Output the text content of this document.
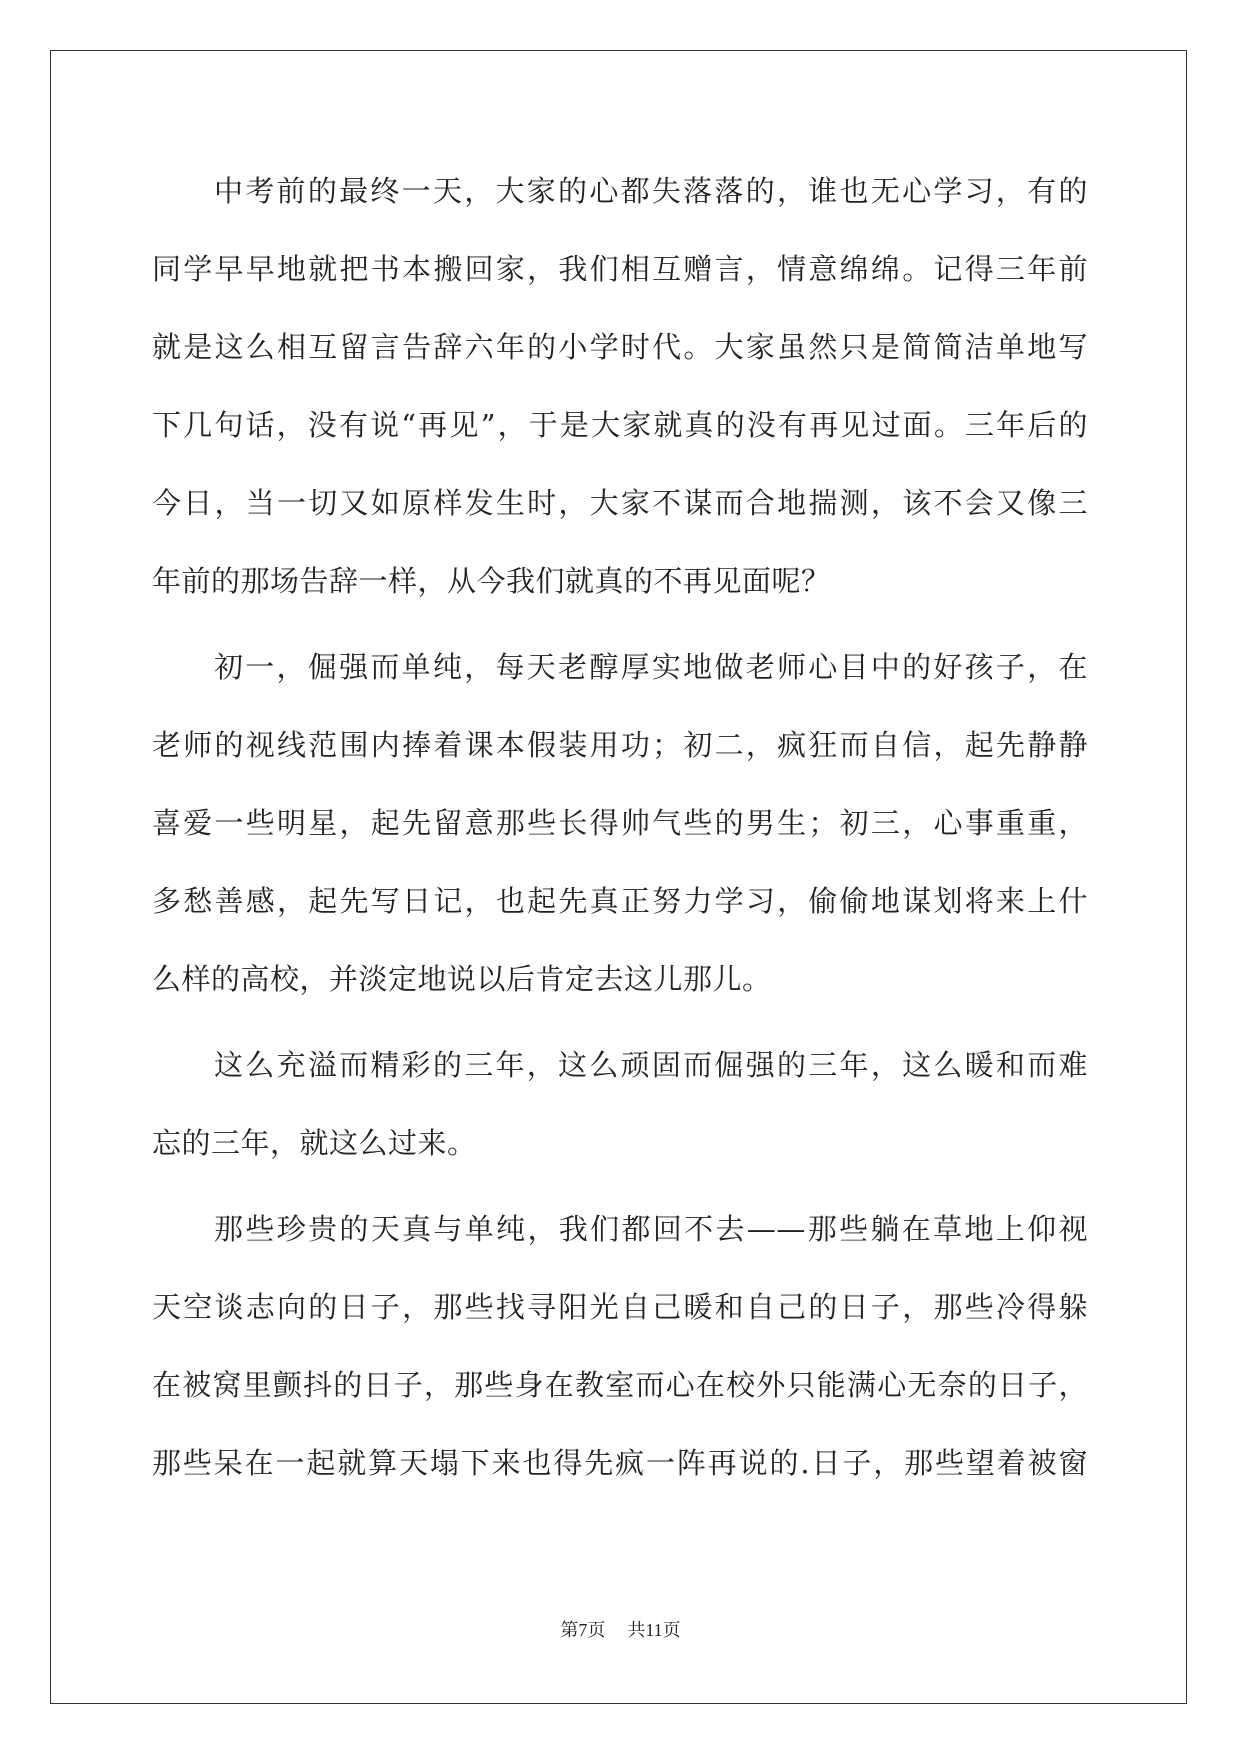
中考前的最终一天，大家的心都失落落的，谁也无心学习，有的
同学早早地就把书本搬回家，我们相互赠言，情意绵绵。记得三年前
就是这么相互留言告辞六年的小学时代。大家虽然只是简简洁单地写
下几句话，没有说“再见”，于是大家就真的没有再见过面。三年后的
今日，当一切又如原样发生时，大家不谋而合地揣测，该不会又像三
年前的那场告辞一样，从今我们就真的不再见面呢？
初一，倔强而单纯，每天老醇厚实地做老师心目中的好孩子，在
老师的视线范围内捧着课本假装用功；初二，疯狂而自信，起先静静
喜爱一些明星，起先留意那些长得帅气些的男生；初三，心事重重，
多愁善感，起先写日记，也起先真正努力学习，偷偷地谋划将来上什
么样的高校，并淡定地说以后肯定去这儿那儿。
这么充溢而精彩的三年，这么顽固而倔强的三年，这么暖和而难
忘的三年，就这么过来。
那些珍贵的天真与单纯，我们都回不去——那些躺在草地上仰视
天空谈志向的日子，那些找寻阳光自己暖和自己的日子，那些冷得躲
在被窝里颤抖的日子，那些身在教室而心在校外只能满心无奈的日子，
那些呆在一起就算天塌下来也得先疯一阵再说的.日子，那些望着被窗
第7页 共11页
